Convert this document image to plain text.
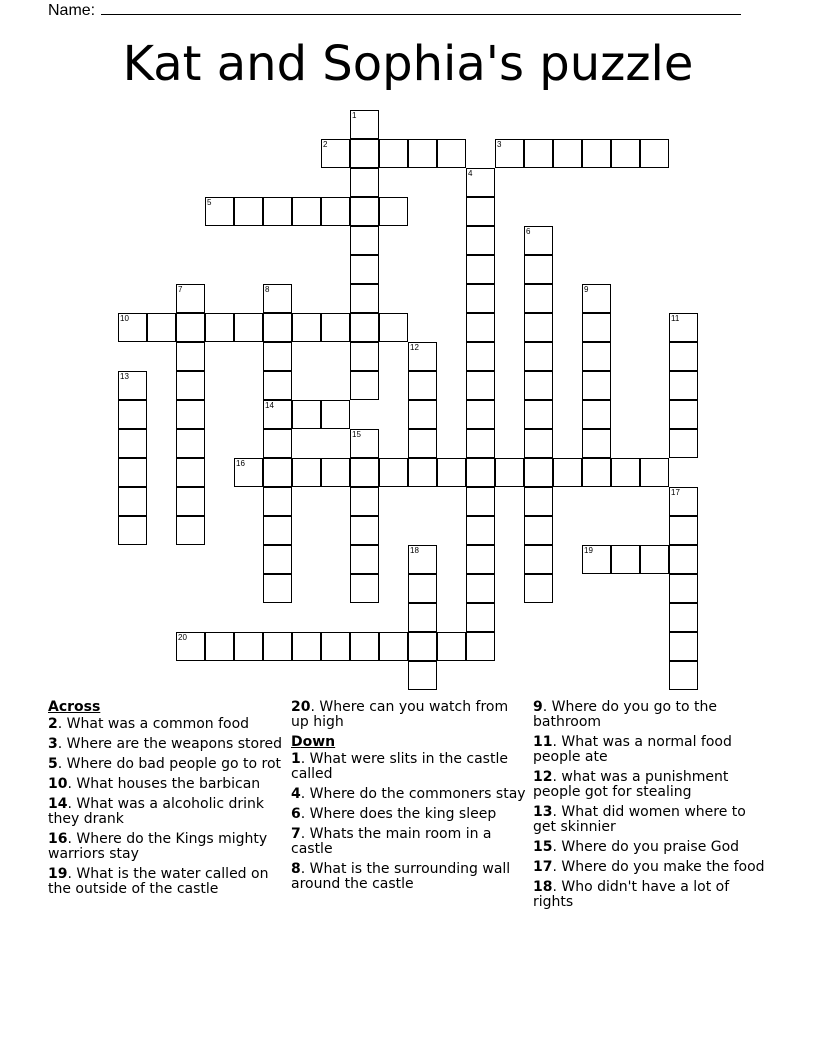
Name:
Kat and Sophia's puzzle
1
2	3
4
5
6
7	8	9
10	11
12
13
14
15
16
17
18	19
20
Across
2. What was a common food
3. Where are the weapons stored
5. Where do bad people go to rot
10. What houses the barbican
14. What was a alcoholic drink they drank
16. Where do the Kings mighty warriors stay
19. What is the water called on the outside of the castle
20. Where can you watch from up high
Down
1. What were slits in the castle called
4. Where do the commoners stay
6. Where does the king sleep
7. Whats the main room in a castle
8. What is the surrounding wall around the castle
9. Where do you go to the bathroom
11. What was a normal food people ate
12. what was a punishment people got for stealing
13. What did women where to get skinnier
15. Where do you praise God
17. Where do you make the food
18. Who didn't have a lot of rights
